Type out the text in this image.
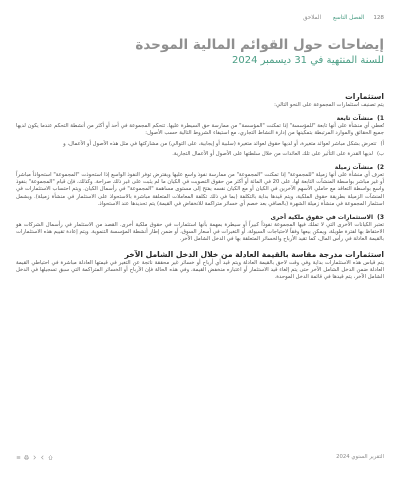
128
الفصل التاسع
الملاحق
إيضاحات حول القوائم المالية الموحدة
للسنة المنتهية في 31 ديسمبر 2024
استثمارات

يتم تصنيف استثمارات المجموعة على النحو التالي:

1)
منشآت تابعة

تُعطي أي منشأة على أنها تابعة "للمؤسسة" إذا تمكنت "المؤسسة" من ممارسة حق السيطرة عليها. تتحكم المجموعة في أحد أو أكثر من أنشطة التحكم عندما يكون لديها جميع الحقائق والموارد المرتبطة بتمكينها من إدارة النشاط التجاري، مع استيفاء الشروط التالية حسب الأصول:

أ)
تتعرض بشكل مباشر لعوائد متغيرة، أو لديها حقوق لعوائد متغيرة (سلبية أو إيجابية، على التوالي) من مشاركتها في مثل هذه الأصول أو الأعمال، و
ب)
لديها القدرة على التأثير على تلك العائدات من خلال سلطتها على الأصول أو الأعمال التجارية.
2)
منشآت زميلة

تعرف أي منشأة على أنها زميلة "للمجموعة" إذا تمكنت "المجموعة" من ممارسة نفوذ واسع عليها ويقترض توفر النفوذ الواسع إذا استحوذت "المجموعة" استحواذاً مباشراً أو غير مباشر بواسطة المنشآت التابعة لها، على 20 في المائة أو أكثر من حقوق التصويت في الكيان ما لم يثبت على غير ذلك صراحة. وكذلك، فإن قيام "المجموعة" بنفوذ واسع بواسطة التعاقد مع حاملي الأسهم الآخرين في الكيان أو مع الكيان نفسه يفتح إلى مستوى مساهمة "المجموعة" في رأسمال الكيان. ويتم احتساب الاستثمارات في المنشآت الزميلة بطريقة حقوق الملكية، ويتم قيدها بداية بالتكلفة (بما في ذلك تكلفة المعاملات المتعلقة مباشرة بالاستحواذ على الاستثمار في منشأة زميلة). ويشمل استثمار المجموعة في منشأة زميلة الشهرة (بالصافي بعد خصم أي خسائر متراكمة للانخفاض في القيمة) يتم تحديدها عند الاستحواذ.

3)
الاستثمارات في حقوق ملكية أخرى

تعتبر الكيانات الأخرى التي لا تملك فيها المجموعة نفوذاً كبيراً أو سيطرة بمهمة بأنها استثمارات في حقوق ملكية أخرى. القصد من الاستثمار في رأسمال الشركات هو الاحتفاظ بها لفترة طويلة، ويمكن بيعها وفقاً لاحتياجات السيولة، أو التغيرات في أسعار السوق، أو ضمن إطار أنشطة المؤسسة التنموية. ويتم إعادة تقييم هذه الاستثمارات بالقيمة العادلة في رأس المال، كما تقيد الأرباح والخسائر المتعلقة بها في الدخل الشامل الآخر.

استثمارات مدرجة مقاسة بالقيمة العادلة من خلال الدخل الشامل الآخر

يتم قياس هذه الاستثمارات بداية وفي وقت لاحق بالقيمة العادلة ويتم قيد أي أرباح أو خسائر غير محققة ناتجة عن التغير في قيمتها العادلة مباشرة في احتياطي القيمة العادلة ضمن الدخل الشامل الآخر حتى يتم إلغاء قيد الاستثمار أو اعتباره منخفض القيمة، وفي هذه الحالة فإن الأرباح أو الخسائر المتراكمة التي سبق تسجيلها في الدخل الشامل الآخر، يتم قيدها في قائمة الدخل الموحدة.

التقرير السنوي 2024
